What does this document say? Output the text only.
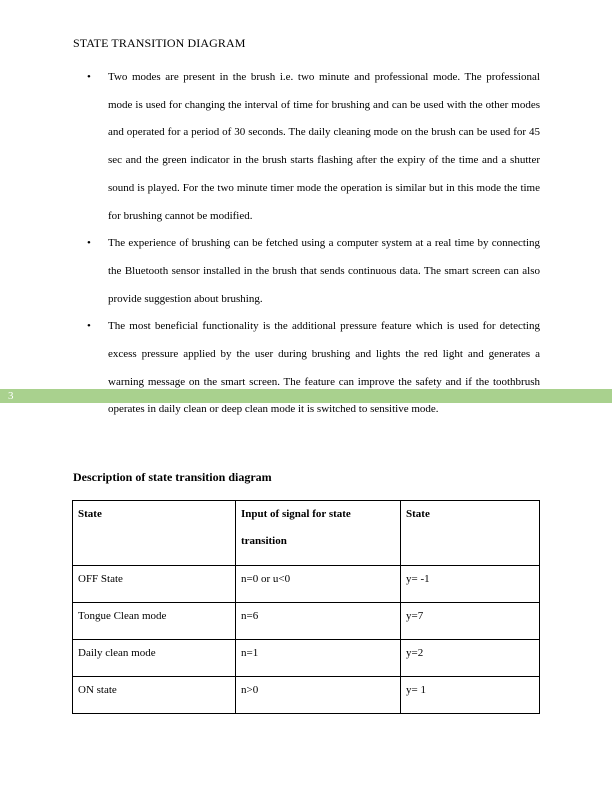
STATE TRANSITION DIAGRAM
• Two modes are present in the brush i.e. two minute and professional mode. The professional mode is used for changing the interval of time for brushing and can be used with the other modes and operated for a period of 30 seconds. The daily cleaning mode on the brush can be used for 45 sec and the green indicator in the brush starts flashing after the expiry of the time and a shutter sound is played. For the two minute timer mode the operation is similar but in this mode the time for brushing cannot be modified.
• The experience of brushing can be fetched using a computer system at a real time by connecting the Bluetooth sensor installed in the brush that sends continuous data. The smart screen can also provide suggestion about brushing.
• The most beneficial functionality is the additional pressure feature which is used for detecting excess pressure applied by the user during brushing and lights the red light and generates a warning message on the smart screen. The feature can improve the safety and if the toothbrush operates in daily clean or deep clean mode it is switched to sensitive mode.
3
Description of state transition diagram
State	Input of signal for state transition	State
OFF State	n=0 or u<0	y= -1
Tongue Clean mode	n=6	y=7
Daily clean mode	n=1	y=2
ON state	n>0	y= 1
